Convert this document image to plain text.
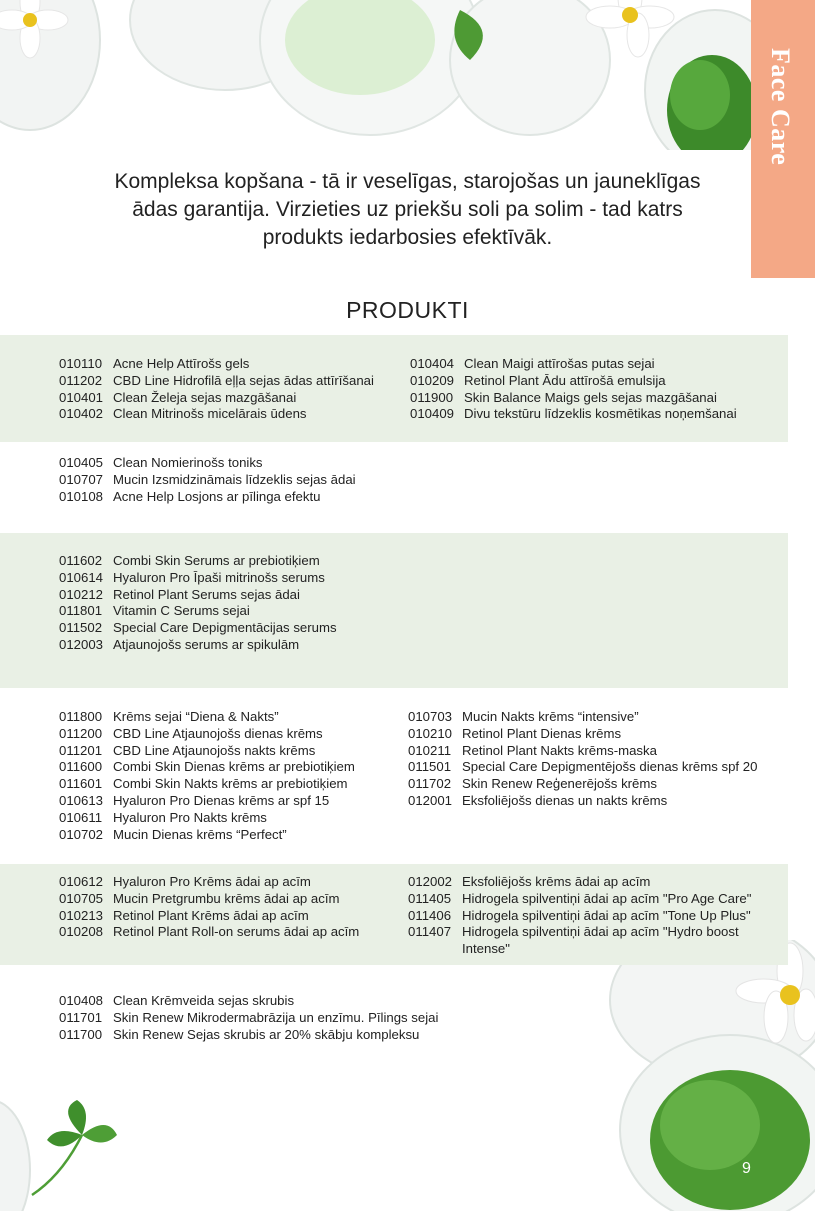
Face Care
Kompleksa kopšana - tā ir veselīgas, starojošas un jauneklīgas ādas garantija. Virzieties uz priekšu soli pa solim - tad katrs produkts iedarbosies efektīvāk.
PRODUKTI
010110 Acne Help Attīrošs gels
011202 CBD Line Hidrofilā eļļa sejas ādas attīrīšanai
010401 Clean Želeja sejas mazgāšanai
010402 Clean Mitrinošs micelārais ūdens
010404 Clean Maigi attīrošas putas sejai
010209 Retinol Plant Ādu attīrošā emulsija
011900 Skin Balance Maigs gels sejas mazgāšanai
010409 Divu tekstūru līdzeklis kosmētikas noņemšanai
010405 Clean Nomierinošs toniks
010707 Mucin Izsmidzināmais līdzeklis sejas ādai
010108 Acne Help Losjons ar pīlinga efektu
011602 Combi Skin Serums ar prebiotiķiem
010614 Hyaluron Pro Īpaši mitrinošs serums
010212 Retinol Plant Serums sejas ādai
011801 Vitamin C Serums sejai
011502 Special Care Depigmentācijas serums
012003 Atjaunojošs serums ar spikulām
011800 Krēms sejai “Diena & Nakts”
011200 CBD Line Atjaunojošs dienas krēms
011201 CBD Line Atjaunojošs nakts krēms
011600 Combi Skin Dienas krēms ar prebiotiķiem
011601 Combi Skin Nakts krēms ar prebiotiķiem
010613 Hyaluron Pro Dienas krēms ar spf 15
010611 Hyaluron Pro Nakts krēms
010702 Mucin Dienas krēms “Perfect”
010703 Mucin Nakts krēms “intensive”
010210 Retinol Plant Dienas krēms
010211 Retinol Plant Nakts krēms-maska
011501 Special Care Depigmentējošs dienas krēms spf 20
011702 Skin Renew Reģenerējošs krēms
012001 Eksfoliējošs dienas un nakts krēms
010612 Hyaluron Pro Krēms ādai ap acīm
010705 Mucin Pretgrumbu krēms ādai ap acīm
010213 Retinol Plant Krēms ādai ap acīm
010208 Retinol Plant Roll-on serums ādai ap acīm
012002 Eksfoliējošs krēms ādai ap acīm
011405 Hidrogela spilventiņi ādai ap acīm "Pro Age Care"
011406 Hidrogela spilventiņi ādai ap acīm "Tone Up Plus"
011407 Hidrogela spilventiņi ādai ap acīm "Hydro boost Intense"
010408 Clean Krēmveida sejas skrubis
011701 Skin Renew Mikrodermabrāzija un enzīmu. Pīlings sejai
011700 Skin Renew Sejas skrubis ar 20% skābju kompleksu
9
